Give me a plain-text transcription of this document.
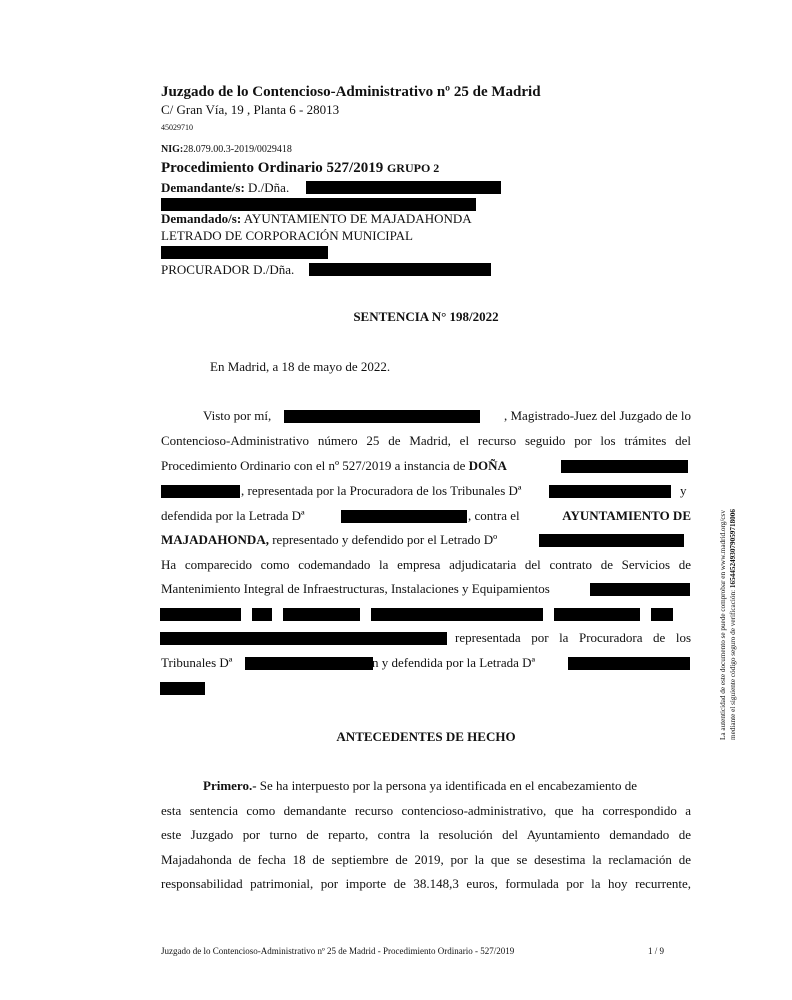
Juzgado de lo Contencioso-Administrativo nº 25 de Madrid
C/ Gran Vía, 19 , Planta 6 - 28013
45029710
NIG:28.079.00.3-2019/0029418
Procedimiento Ordinario 527/2019 GRUPO 2
Demandante/s: D./Dña.
Demandado/s: AYUNTAMIENTO DE MAJADAHONDA
LETRADO DE CORPORACIÓN MUNICIPAL
PROCURADOR D./Dña.
SENTENCIA N° 198/2022
En Madrid, a 18 de mayo de 2022.
Visto por mí,	, Magistrado-Juez del Juzgado de lo
Contencioso-Administrativo número 25 de Madrid, el recurso seguido por los trámites del
Procedimiento Ordinario con el nº 527/2019 a instancia de DOÑA
, representada por la Procuradora de los Tribunales Dª	y
defendida por la Letrada Dª	, contra el	AYUNTAMIENTO DE
MAJADAHONDA, representado y defendido por el Letrado Dº
Ha comparecido como codemandado la empresa adjudicataria del contrato de Servicios de
Mantenimiento Integral de Infraestructuras, Instalaciones y Equipamientos
representada por la Procuradora de los
Tribunales Dª	n y defendida por la Letrada Dª
ANTECEDENTES DE HECHO
Primero.- Se ha interpuesto por la persona ya identificada en el encabezamiento de
esta sentencia como demandante recurso contencioso-administrativo, que ha correspondido a
este Juzgado por turno de reparto, contra la resolución del Ayuntamiento demandado de
Majadahonda de fecha 18 de septiembre de 2019, por la que se desestima la reclamación de
responsabilidad patrimonial, por importe de 38.148,3 euros, formulada por la hoy recurrente,
La autenticidad de este documento se puede comprobar en www.madrid.org/csv mediante el siguiente código seguro de verificación: 1654452493079059718006
Juzgado de lo Contencioso-Administrativo nº 25 de Madrid - Procedimiento Ordinario - 527/2019	1 / 9
